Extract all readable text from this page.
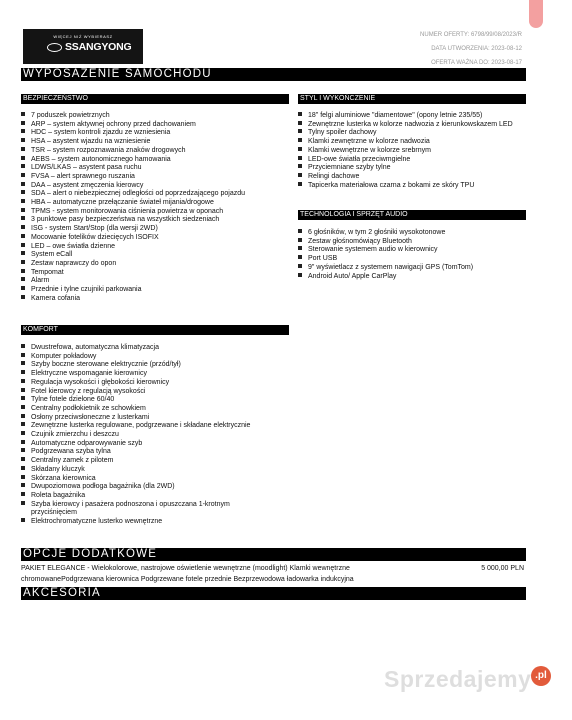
WIĘCEJ NIŻ WYBIERASZ
SSANGYONG
NUMER OFERTY: 6798/99/08/2023/R
DATA UTWORZENIA: 2023-08-12
OFERTA WAŻNA DO: 2023-08-17
WYPOSAŻENIE SAMOCHODU
BEZPIECZEŃSTWO
7 poduszek powietrznych
ARP – system aktywnej ochrony przed dachowaniem
HDC – system kontroli zjazdu ze wzniesienia
HSA – asystent wjazdu na wzniesienie
TSR – system rozpoznawania znaków drogowych
AEBS – system autonomicznego hamowania
LDWS/LKAS – asystent pasa ruchu
FVSA – alert sprawnego ruszania
DAA – asystent zmęczenia kierowcy
SDA – alert o niebezpiecznej odległości od poprzedzającego pojazdu
HBA – automatyczne przełączanie świateł mijania/drogowe
TPMS - system monitorowania ciśnienia powietrza w oponach
3 punktowe pasy bezpieczeństwa na wszystkich siedzeniach
ISG - system Start/Stop (dla wersji 2WD)
Mocowanie fotelików dziecięcych ISOFIX
LED – owe światła dzienne
System eCall
Zestaw naprawczy do opon
Tempomat
Alarm
Przednie i tylne czujniki parkowania
Kamera cofania
KOMFORT
Dwustrefowa, automatyczna klimatyzacja
Komputer pokładowy
Szyby boczne sterowane elektrycznie (przód/tył)
Elektryczne wspomaganie kierownicy
Regulacja wysokości i głębokości kierownicy
Fotel kierowcy z regulacją wysokości
Tylne fotele dzielone 60/40
Centralny podłokietnik ze schowkiem
Osłony przeciwsłoneczne z lusterkami
Zewnętrzne lusterka regulowane, podgrzewane i składane elektrycznie
Czujnik zmierzchu i deszczu
Automatyczne odparowywanie szyb
Podgrzewana szyba tylna
Centralny zamek z pilotem
Składany kluczyk
Skórzana kierownica
Dwupoziomowa podłoga bagażnika (dla 2WD)
Roleta bagażnika
Szyba kierowcy i pasażera podnoszona i opuszczana 1-krotnym przyciśnięciem
Elektrochromatyczne lusterko wewnętrzne
STYL I WYKOŃCZENIE
18" felgi aluminiowe "diamentowe" (opony letnie 235/55)
Zewnętrzne lusterka w kolorze nadwozia z kierunkowskazem LED
Tylny spoiler dachowy
Klamki zewnętrzne w kolorze nadwozia
Klamki wewnętrzne w kolorze srebrnym
LED-owe światła przeciwmgielne
Przyciemniane szyby tylne
Relingi dachowe
Tapicerka materiałowa czarna z bokami ze skóry TPU
TECHNOLOGIA I SPRZĘT AUDIO
6 głośników, w tym 2 głośniki wysokotonowe
Zestaw głośnomówiący Bluetooth
Sterowanie systemem audio w kierownicy
Port USB
9" wyświetlacz z systemem nawigacji GPS (TomTom)
Android Auto/ Apple CarPlay
OPCJE DODATKOWE
PAKIET ELEGANCE - Wielokolorowe, nastrojowe oświetlenie wewnętrzne (moodlight) Klamki wewnętrzne chromowanePodgrzewana kierownica Podgrzewane fotele przednie Bezprzewodowa ładowarka indukcyjna
5 000,00 PLN
AKCESORIA
Sprzedajemy .pl
